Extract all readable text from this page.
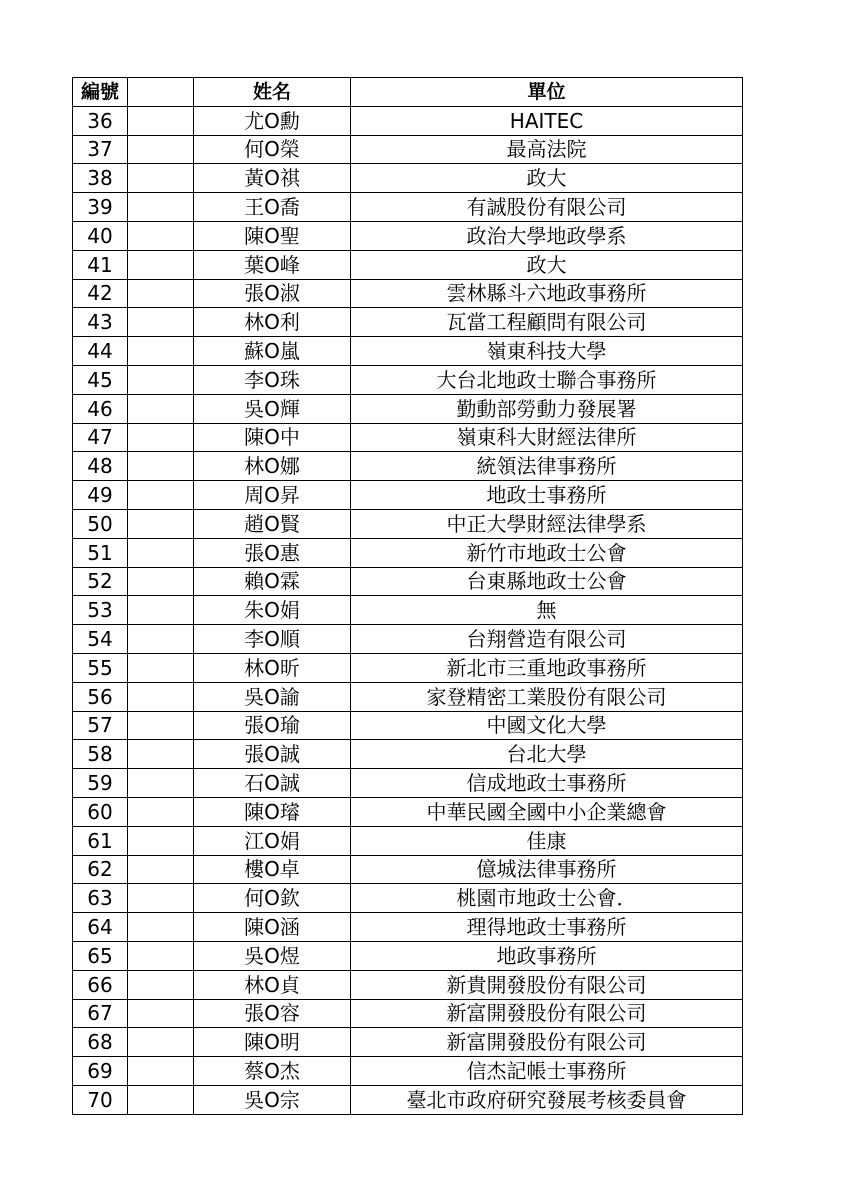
編號		姓名	單位
36		尤O勳	HAITEC
37		何O榮	最高法院
38		黃O祺	政大
39		王O喬	有誠股份有限公司
40		陳O聖	政治大學地政學系
41		葉O峰	政大
42		張O淑	雲林縣斗六地政事務所
43		林O利	瓦當工程顧問有限公司
44		蘇O嵐	嶺東科技大學
45		李O珠	大台北地政士聯合事務所
46		吳O輝	勤動部勞動力發展署
47		陳O中	嶺東科大財經法律所
48		林O娜	統領法律事務所
49		周O昇	地政士事務所
50		趙O賢	中正大學財經法律學系
51		張O惠	新竹市地政士公會
52		賴O霖	台東縣地政士公會
53		朱O娟	無
54		李O順	台翔營造有限公司
55		林O昕	新北市三重地政事務所
56		吳O諭	家登精密工業股份有限公司
57		張O瑜	中國文化大學
58		張O誠	台北大學
59		石O誠	信成地政士事務所
60		陳O璿	中華民國全國中小企業總會
61		江O娟	佳康
62		樓O卓	億城法律事務所
63		何O欽	桃園市地政士公會．
64		陳O涵	理得地政士事務所
65		吳O煜	地政事務所
66		林O貞	新貴開發股份有限公司
67		張O容	新富開發股份有限公司
68		陳O明	新富開發股份有限公司
69		蔡O杰	信杰記帳士事務所
70		吳O宗	臺北市政府研究發展考核委員會
